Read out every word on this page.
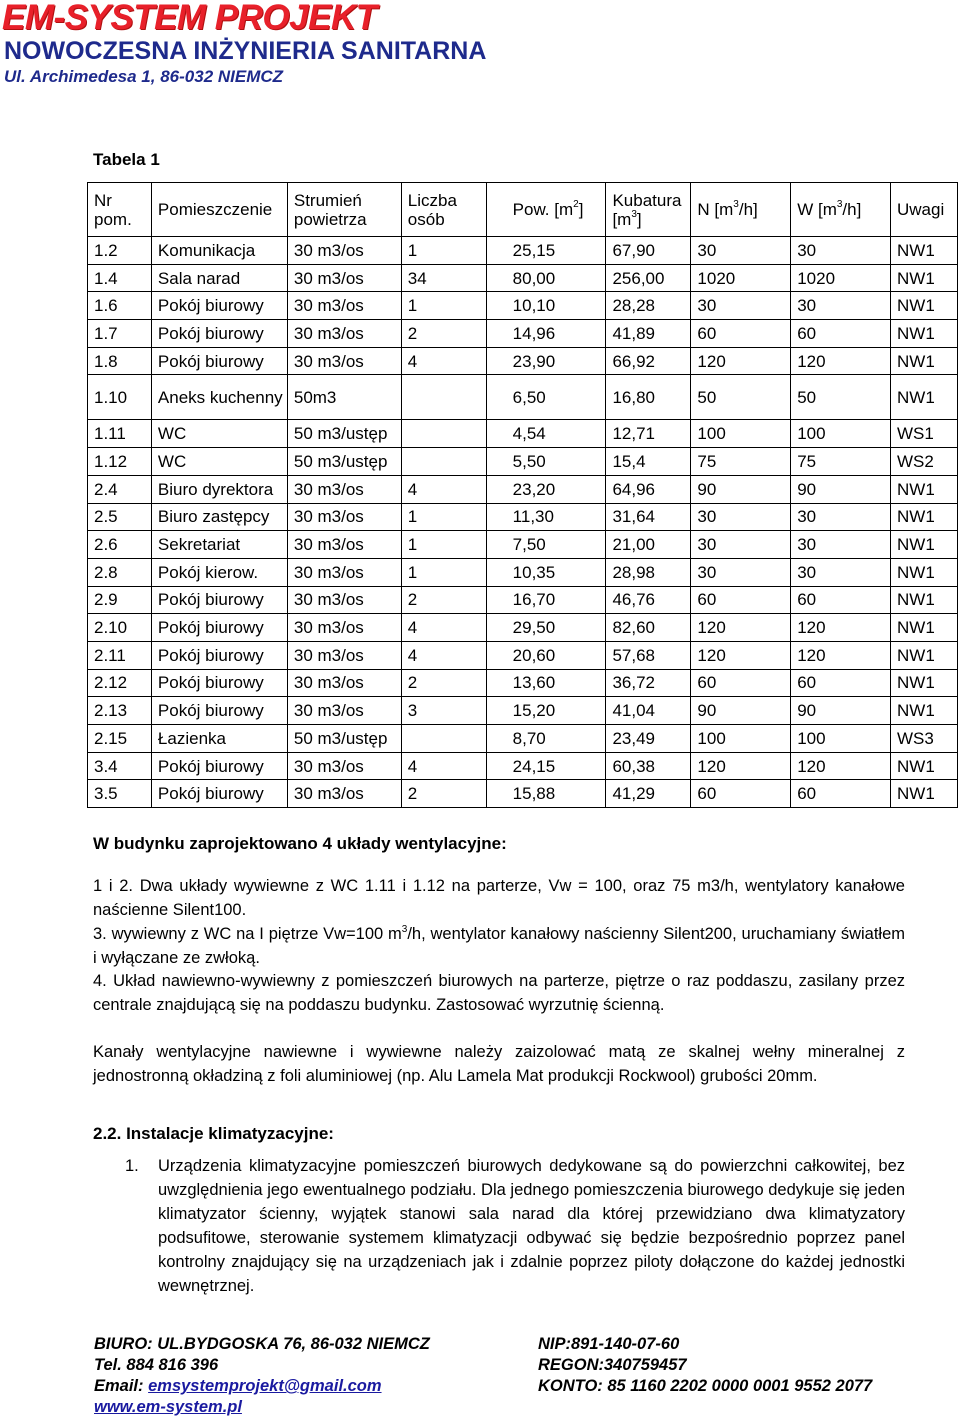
EM-SYSTEM PROJEKT
NOWOCZESNA INŻYNIERIA SANITARNA
Ul. Archimedesa 1, 86-032 NIEMCZ
Tabela 1
Nr pom.	Pomieszczenie	Strumień powietrza	Liczba osób	Pow. $[m^2]$	Kubatura $[m^3]$	N $[m^3/h]$	W $[m^3/h]$	Uwagi
1.2	Komunikacja	30 m3/os	1	25,15	67,90	30	30	NW1
1.4	Sala narad	30 m3/os	34	80,00	256,00	1020	1020	NW1
1.6	Pokój biurowy	30 m3/os	1	10,10	28,28	30	30	NW1
1.7	Pokój biurowy	30 m3/os	2	14,96	41,89	60	60	NW1
1.8	Pokój biurowy	30 m3/os	4	23,90	66,92	120	120	NW1
1.10	Aneks kuchenny	50m3		6,50	16,80	50	50	NW1
1.11	WC	50 m3/ustęp		4,54	12,71	100	100	WS1
1.12	WC	50 m3/ustęp		5,50	15,4	75	75	WS2
2.4	Biuro dyrektora	30 m3/os	4	23,20	64,96	90	90	NW1
2.5	Biuro zastępcy	30 m3/os	1	11,30	31,64	30	30	NW1
2.6	Sekretariat	30 m3/os	1	7,50	21,00	30	30	NW1
2.8	Pokój kierow.	30 m3/os	1	10,35	28,98	30	30	NW1
2.9	Pokój biurowy	30 m3/os	2	16,70	46,76	60	60	NW1
2.10	Pokój biurowy	30 m3/os	4	29,50	82,60	120	120	NW1
2.11	Pokój biurowy	30 m3/os	4	20,60	57,68	120	120	NW1
2.12	Pokój biurowy	30 m3/os	2	13,60	36,72	60	60	NW1
2.13	Pokój biurowy	30 m3/os	3	15,20	41,04	90	90	NW1
2.15	Łazienka	50 m3/ustęp		8,70	23,49	100	100	WS3
3.4	Pokój biurowy	30 m3/os	4	24,15	60,38	120	120	NW1
3.5	Pokój biurowy	30 m3/os	2	15,88	41,29	60	60	NW1
W budynku zaprojektowano 4 układy wentylacyjne:
1 i 2. Dwa układy wywiewne z WC 1.11 i 1.12 na parterze, Vw = 100, oraz 75 m3/h, wentylatory kanałowe naścienne Silent100.
3. wywiewny z WC na I piętrze Vw=100 $m^3/h$, wentylator kanałowy naścienny Silent200, uruchamiany światłem i wyłączane ze zwłoką.
4. Układ nawiewno-wywiewny z pomieszczeń biurowych na parterze, piętrze o raz poddaszu, zasilany przez centrale znajdującą się na poddaszu budynku. Zastosować wyrzutnię ścienną.
Kanały wentylacyjne nawiewne i wywiewne należy zaizolować matą ze skalnej wełny mineralnej z jednostronną okładziną z foli aluminiowej (np. Alu Lamela Mat produkcji Rockwool) grubości 20mm.
2.2. Instalacje klimatyzacyjne:
1. Urządzenia klimatyzacyjne pomieszczeń biurowych dedykowane są do powierzchni całkowitej, bez uwzględnienia jego ewentualnego podziału. Dla jednego pomieszczenia biurowego dedykuje się jeden klimatyzator ścienny, wyjątek stanowi sala narad dla której przewidziano dwa klimatyzatory podsufitowe, sterowanie systemem klimatyzacji odbywać się będzie bezpośrednio poprzez panel kontrolny znajdujący się na urządzeniach jak i zdalnie poprzez piloty dołączone do każdej jednostki wewnętrznej.
BIURO: UL.BYDGOSKA 76, 86-032 NIEMCZ
Tel. 884 816 396
Email: emsystemprojekt@gmail.com
www.em-system.pl
NIP:891-140-07-60
REGON:340759457
KONTO: 85 1160 2202 0000 0001 9552 2077
